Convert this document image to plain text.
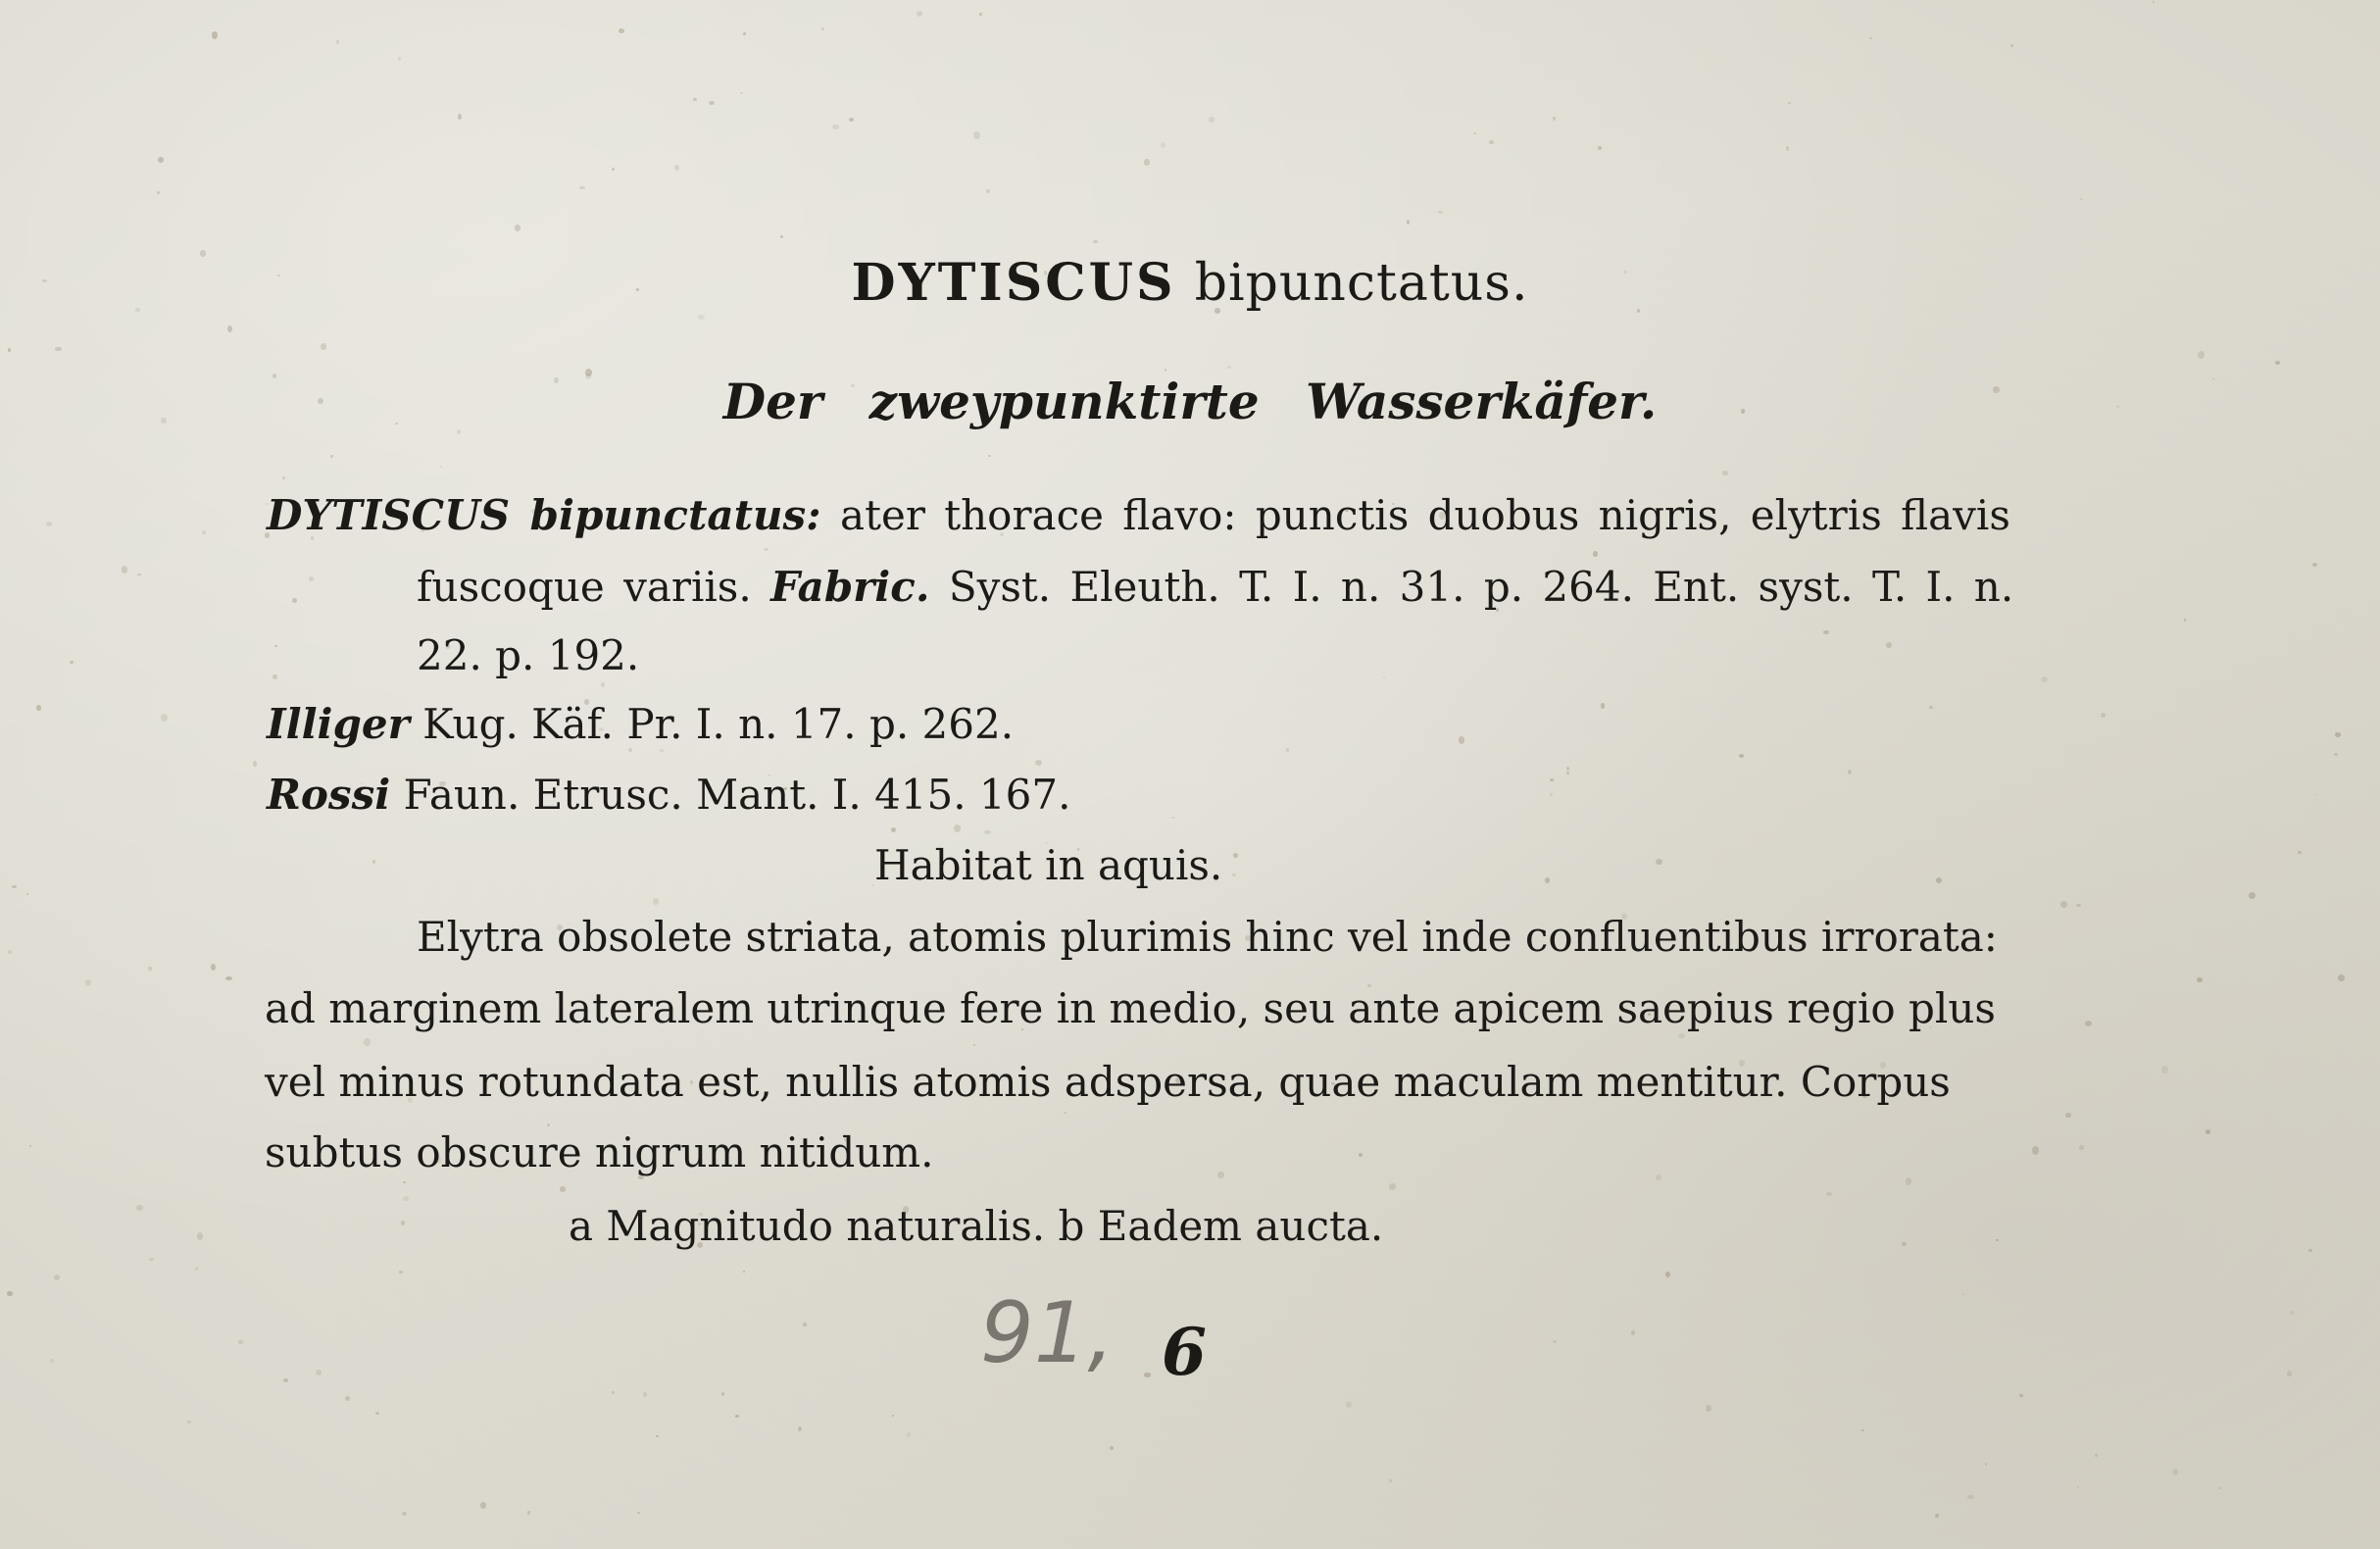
DYTISCUS bipunctatus.
Der zweypunktirte Wasserkäfer.
DYTISCUS bipunctatus: ater thorace flavo: punctis duobus nigris, elytris flavis
fuscoque variis. Fabric. Syst. Eleuth. T. I. n. 31. p. 264. Ent. syst. T. I. n.
22. p. 192.
Illiger Kug. Käf. Pr. I. n. 17. p. 262.
Rossi Faun. Etrusc. Mant. I. 415. 167.
Habitat in aquis.
Elytra obsolete striata, atomis plurimis hinc vel inde confluentibus irrorata:
ad marginem lateralem utrinque fere in medio, seu ante apicem saepius regio plus
vel minus rotundata est, nullis atomis adspersa, quae maculam mentitur. Corpus
subtus obscure nigrum nitidum.
a Magnitudo naturalis. b Eadem aucta.
91, 6
